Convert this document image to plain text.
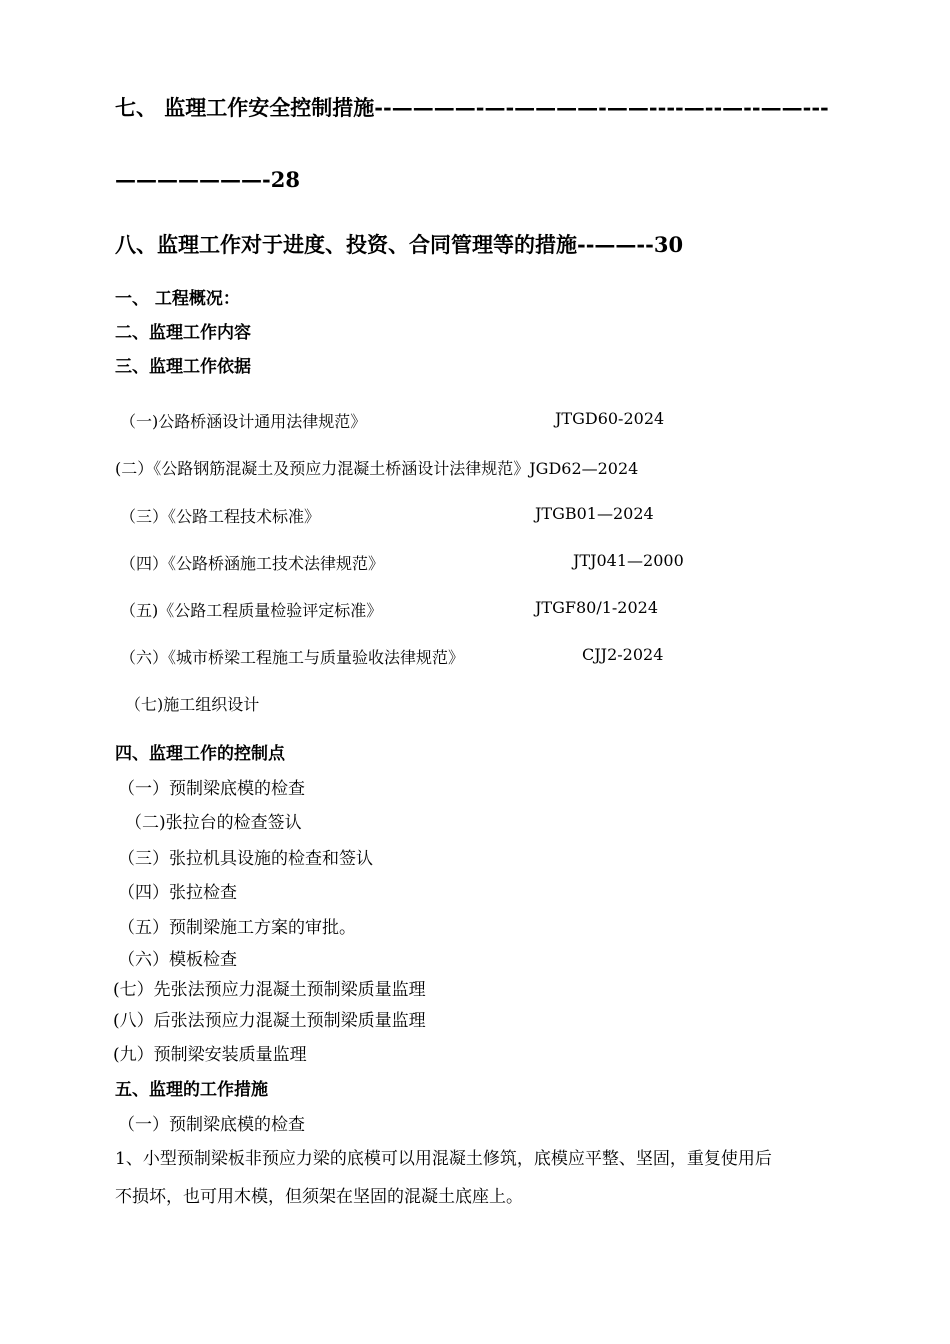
七、 监理工作安全控制措施--————-—-————-——----—--—--——---
———————-28
八、监理工作对于进度、投资、合同管理等的措施--——--30
一、 工程概况：
二、监理工作内容
三、监理工作依据
（一)公路桥涵设计通用法律规范》	JTGD60-2024
(二）《公路钢筋混凝土及预应力混凝土桥涵设计法律规范》JGD62—2024
（三）《公路工程技术标准》	JTGB01—2024
（四）《公路桥涵施工技术法律规范》	JTJ041—2000
（五)《公路工程质量检验评定标准》	JTGF80/1-2024
（六）《城市桥梁工程施工与质量验收法律规范》	CJJ2-2024
（七)施工组织设计
四、监理工作的控制点
（一）预制梁底模的检查
（二)张拉台的检查签认
（三）张拉机具设施的检查和签认
（四）张拉检查
（五）预制梁施工方案的审批。
（六）模板检查
(七）先张法预应力混凝土预制梁质量监理
(八）后张法预应力混凝土预制梁质量监理
(九）预制梁安装质量监理
五、监理的工作措施
（一）预制梁底模的检查
1、小型预制梁板非预应力梁的底模可以用混凝土修筑，底模应平整、坚固，重复使用后
不损坏，也可用木模，但须架在坚固的混凝土底座上。
